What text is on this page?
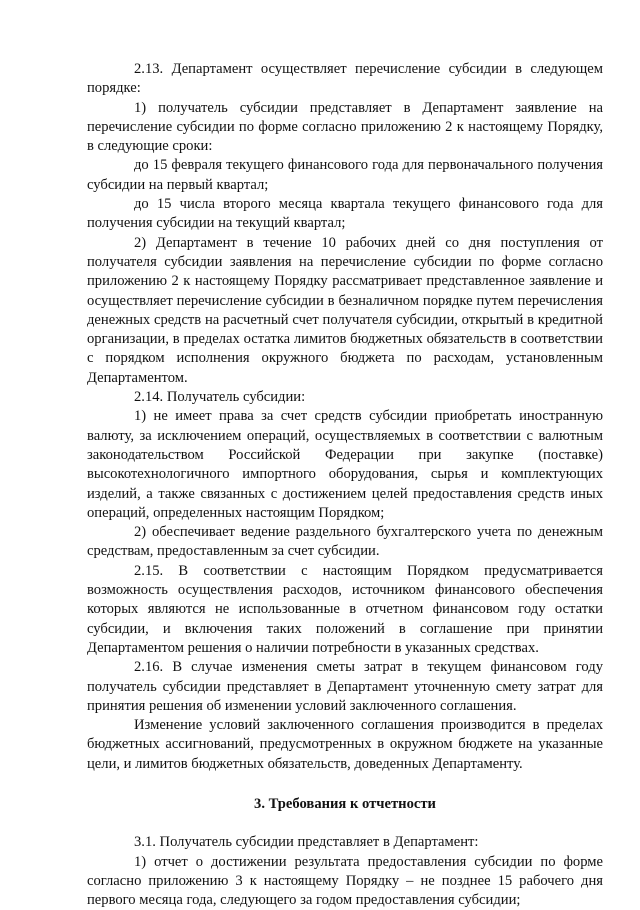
2.13. Департамент осуществляет перечисление субсидии в следующем порядке:

1) получатель субсидии представляет в Департамент заявление на перечисление субсидии по форме согласно приложению 2 к настоящему Порядку, в следующие сроки:

до 15 февраля текущего финансового года для первоначального получения субсидии на первый квартал;

до 15 числа второго месяца квартала текущего финансового года для получения субсидии на текущий квартал;

2) Департамент в течение 10 рабочих дней со дня поступления от получателя субсидии заявления на перечисление субсидии по форме согласно приложению 2 к настоящему Порядку рассматривает представленное заявление и осуществляет перечисление субсидии в безналичном порядке путем перечисления денежных средств на расчетный счет получателя субсидии, открытый в кредитной организации, в пределах остатка лимитов бюджетных обязательств в соответствии с порядком исполнения окружного бюджета по расходам, установленным Департаментом.

2.14. Получатель субсидии:

1) не имеет права за счет средств субсидии приобретать иностранную валюту, за исключением операций, осуществляемых в соответствии с валютным законодательством Российской Федерации при закупке (поставке) высокотехнологичного импортного оборудования, сырья и комплектующих изделий, а также связанных с достижением целей предоставления средств иных операций, определенных настоящим Порядком;

2) обеспечивает ведение раздельного бухгалтерского учета по денежным средствам, предоставленным за счет субсидии.

2.15. В соответствии с настоящим Порядком предусматривается возможность осуществления расходов, источником финансового обеспечения которых являются не использованные в отчетном финансовом году остатки субсидии, и включения таких положений в соглашение при принятии Департаментом решения о наличии потребности в указанных средствах.

2.16. В случае изменения сметы затрат в текущем финансовом году получатель субсидии представляет в Департамент уточненную смету затрат для принятия решения об изменении условий заключенного соглашения.

Изменение условий заключенного соглашения производится в пределах бюджетных ассигнований, предусмотренных в окружном бюджете на указанные цели, и лимитов бюджетных обязательств, доведенных Департаменту.

3. Требования к отчетности

3.1. Получатель субсидии представляет в Департамент:

1) отчет о достижении результата предоставления субсидии по форме согласно приложению 3 к настоящему Порядку – не позднее 15 рабочего дня первого месяца года, следующего за годом предоставления субсидии;
